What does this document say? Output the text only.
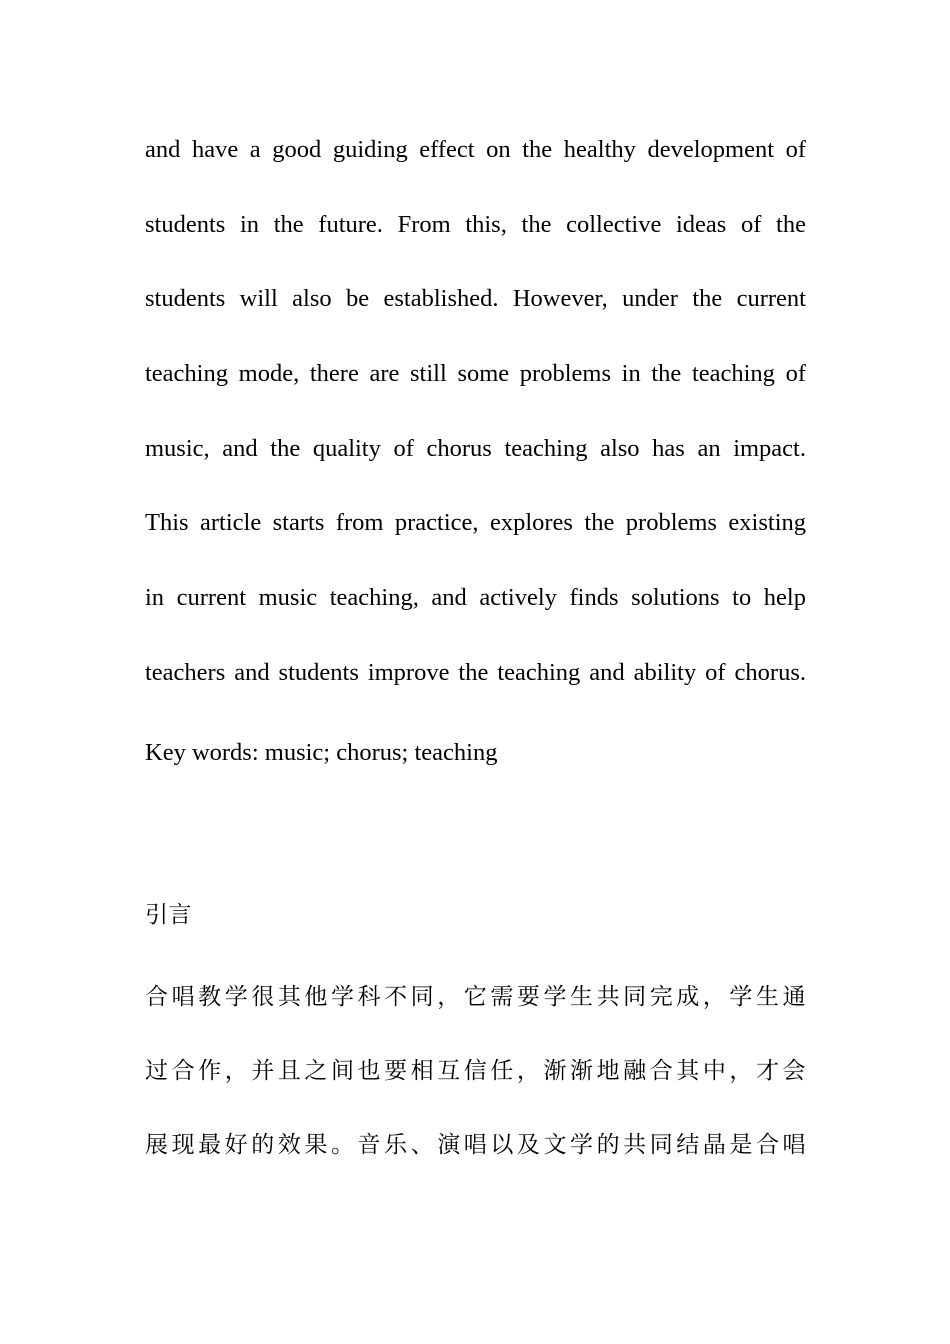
and have a good guiding effect on the healthy development of
students in the future. From this, the collective ideas of the
students will also be established. However, under the current
teaching mode, there are still some problems in the teaching of
music, and the quality of chorus teaching also has an impact.
This article starts from practice, explores the problems existing
in current music teaching, and actively finds solutions to help
teachers and students improve the teaching and ability of chorus.
Key words: music; chorus; teaching
引言
合唱教学很其他学科不同，它需要学生共同完成，学生通
过合作，并且之间也要相互信任，渐渐地融合其中，才会
展现最好的效果。音乐、演唱以及文学的共同结晶是合唱
